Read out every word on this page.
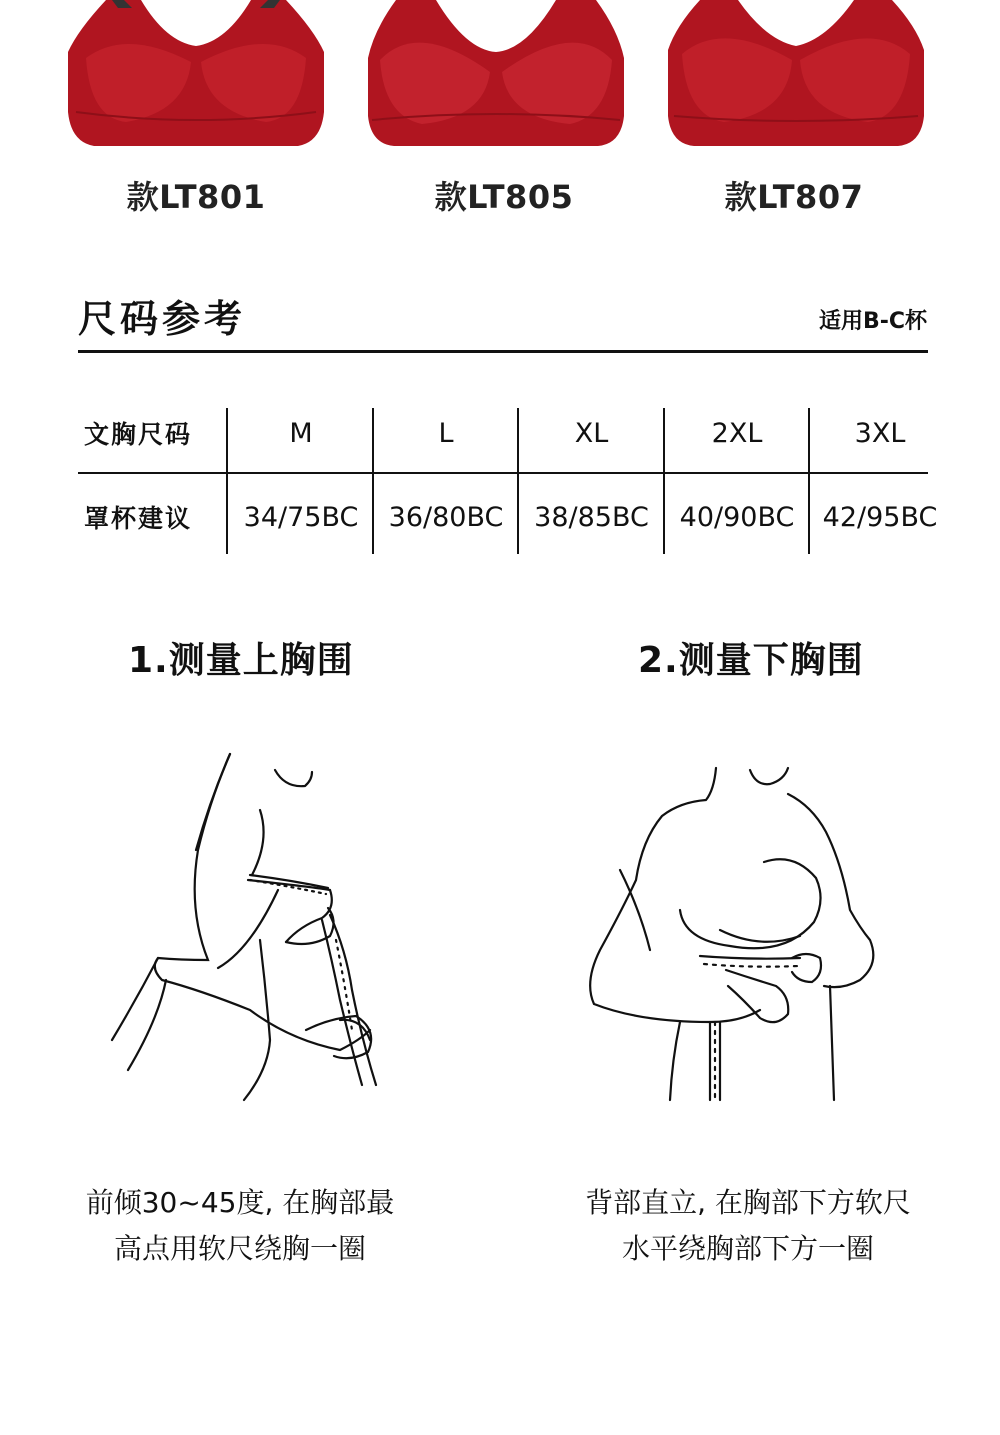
款LT801	款LT805	款LT807
尺码参考	适用B-C杯
文胸尺码	M	L	XL	2XL	3XL
罩杯建议	34/75BC	36/80BC	38/85BC	40/90BC	42/95BC
1.测量上胸围	2.测量下胸围
前倾30~45度, 在胸部最
高点用软尺绕胸一圈
背部直立, 在胸部下方软尺
水平绕胸部下方一圈
